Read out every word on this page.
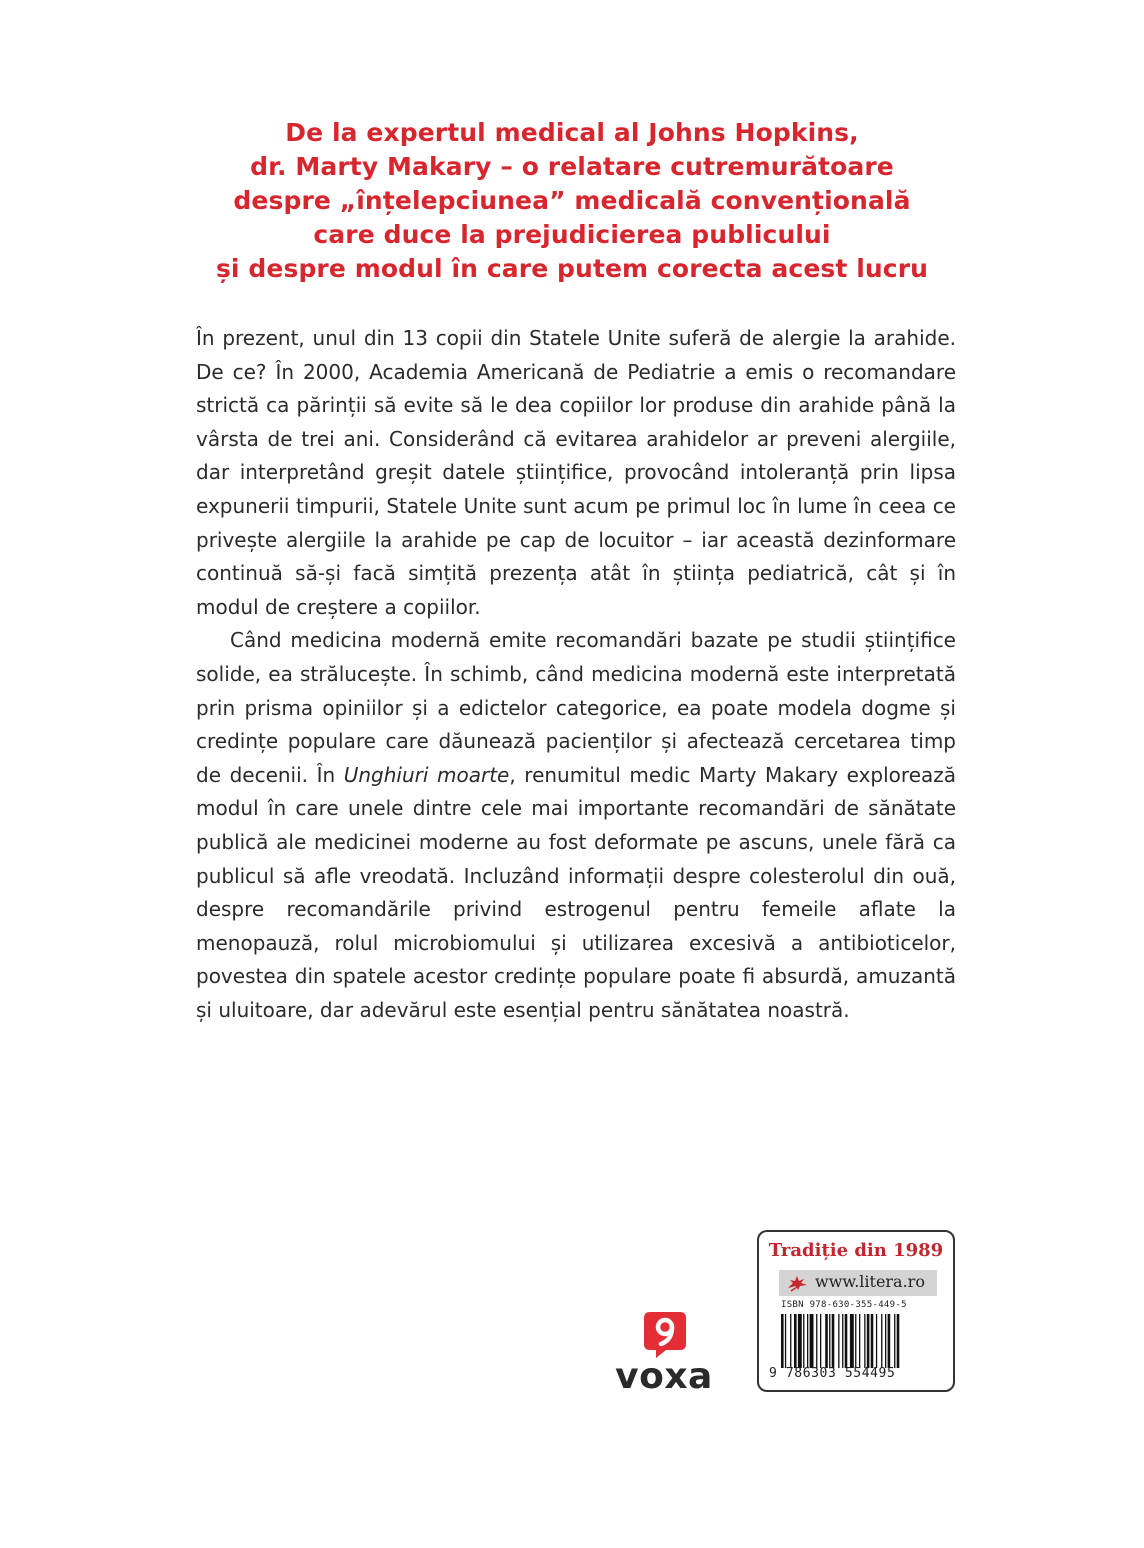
De la expertul medical al Johns Hopkins,
dr. Marty Makary – o relatare cutremurătoare
despre „înțelepciunea” medicală convențională
care duce la prejudicierea publicului
și despre modul în care putem corecta acest lucru

În prezent, unul din 13 copii din Statele Unite suferă de alergie la arahide. De ce? În 2000, Academia Americană de Pediatrie a emis o recomandare strictă ca părinții să evite să le dea copiilor lor produse din arahide până la vârsta de trei ani. Considerând că evitarea arahidelor ar preveni alergiile, dar interpretând greșit datele științifice, provocând intoleranță prin lipsa expunerii timpurii, Statele Unite sunt acum pe primul loc în lume în ceea ce privește alergiile la arahide pe cap de locuitor – iar această dezinformare continuă să-și facă simțită prezența atât în știința pediatrică, cât și în modul de creștere a copiilor.

Când medicina modernă emite recomandări bazate pe studii științifice solide, ea strălucește. În schimb, când medicina modernă este interpretată prin prisma opiniilor și a edictelor categorice, ea poate modela dogme și credințe populare care dăunează pacienților și afectează cercetarea timp de decenii. În Unghiuri moarte, renumitul medic Marty Makary explorează modul în care unele dintre cele mai importante recomandări de sănătate publică ale medicinei moderne au fost deformate pe ascuns, unele fără ca publicul să afle vreodată. Incluzând informații despre colesterolul din ouă, despre recomandările privind estrogenul pentru femeile aflate la menopauză, rolul microbiomului și utilizarea excesivă a antibioticelor, povestea din spatele acestor credințe populare poate fi absurdă, amuzantă și uluitoare, dar adevărul este esențial pentru sănătatea noastră.

voxa
Tradiție din 1989
www.litera.ro
ISBN 978-630-355-449-5
9 786303 554495
